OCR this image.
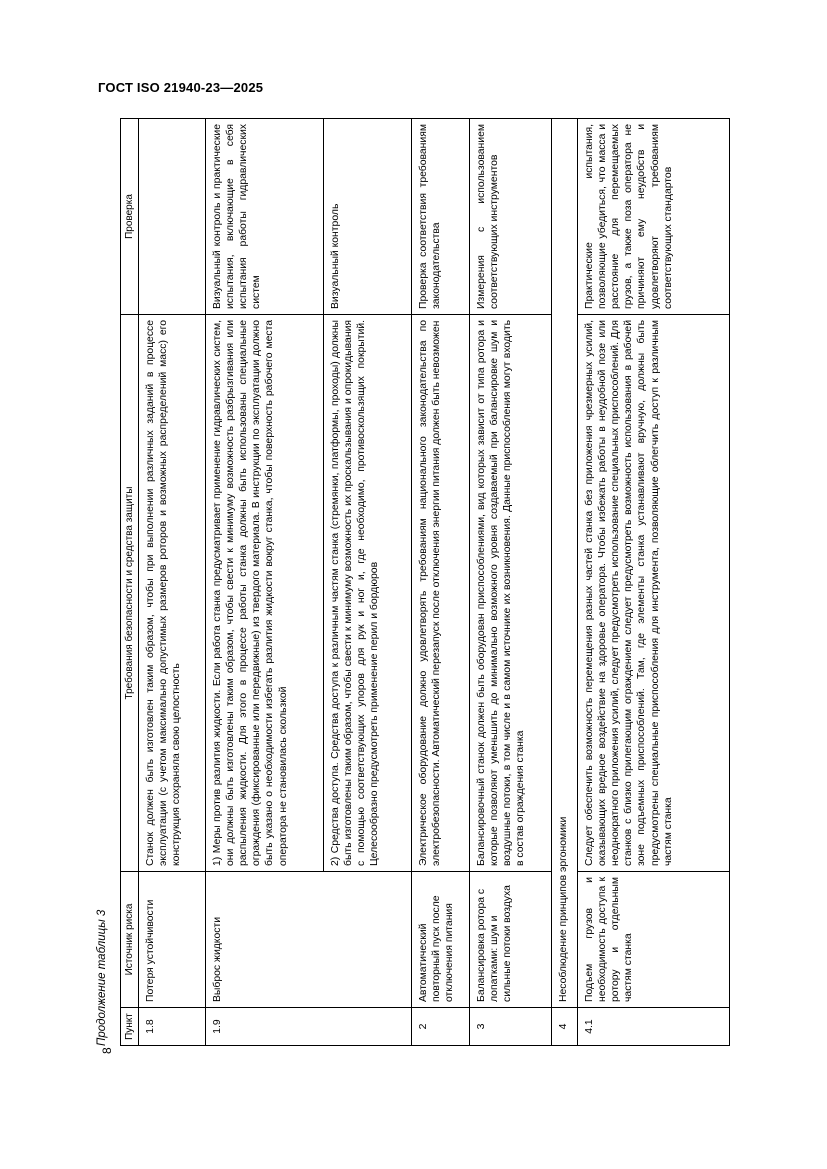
ГОСТ ISO 21940-23—2025
8
Продолжение таблицы 3 Пункт	Источник риска	Требования безопасности и средства защиты	Проверка
1.8	Потеря устойчивости	Станок должен быть изготовлен таким образом, чтобы при выполнении различных заданий в процессе эксплуатации (с учетом максимально допустимых размеров роторов и возможных распределений масс) его конструкция сохраняла свою целостность	
1.9	Выброс жидкости	1) Меры против разлития жидкости. Если работа станка предусматривает применение гидравлических систем, они должны быть изготовлены таким образом, чтобы свести к минимуму возможность разбрызгивания или распыления жидкости. Для этого в процессе работы станка должны быть использованы специальные ограждения (фиксированные или передвижные) из твердого материала. В инструкции по эксплуатации должно быть указано о необходимости избегать разлития жидкости вокруг станка, чтобы поверхность рабочего места оператора не становилась скользкой	Визуальный контроль и практические испытания, включающие в себя испытания работы гидравлических систем
		2) Средства доступа. Средства доступа к различным частям станка (стремянки, платформы, проходы) должны быть изготовлены таким образом, чтобы свести к минимуму возможность их проскальзывания и опрокидывания с помощью соответствующих упоров для рук и ног и, где необходимо, противоскользящих покрытий. Целесообразно предусмотреть применение перил и бордюров	Визуальный контроль
2	Автоматический повторный пуск после отключения питания	Электрическое оборудование должно удовлетворять требованиям национального законодательства по электробезопасности. Автоматический перезапуск после отключения энергии питания должен быть невозможен	Проверка соответствия требованиям законодательства
3	Балансировка ротора с лопатками: шум и сильные потоки воздуха	Балансировочный станок должен быть оборудован приспособлениями, вид которых зависит от типа ротора и которые позволяют уменьшить до минимально возможного уровня создаваемый при балансировке шум и воздушные потоки, в том числе и в самом источнике их возникновения. Данные приспособления могут входить в состав ограждения станка	Измерения с использованием соответствующих инструментов
4	Несоблюдение принципов эргономики		
4.1	Подъем грузов и необходимость доступа к ротору и отдельным частям станка	Следует обеспечить возможность перемещения разных частей станка без приложения чрезмерных усилий, оказывающих вредное воздействие на здоровье оператора. Чтобы избежать работы в неудобной позе или неоднократного приложения усилий, следует предусмотреть использование специальных приспособлений. Для станков с близко прилегающим ограждением следует предусмотреть возможность использования в рабочей зоне подъемных приспособлений. Там, где элементы станка устанавливают вручную, должны быть предусмотрены специальные приспособления для инструмента, позволяющие облегчить доступ к различным частям станка	Практические испытания, позволяющие убедиться, что масса и расстояние для перемещаемых грузов, а также поза оператора не причиняют ему неудобств и удовлетворяют требованиям соответствующих стандартов
